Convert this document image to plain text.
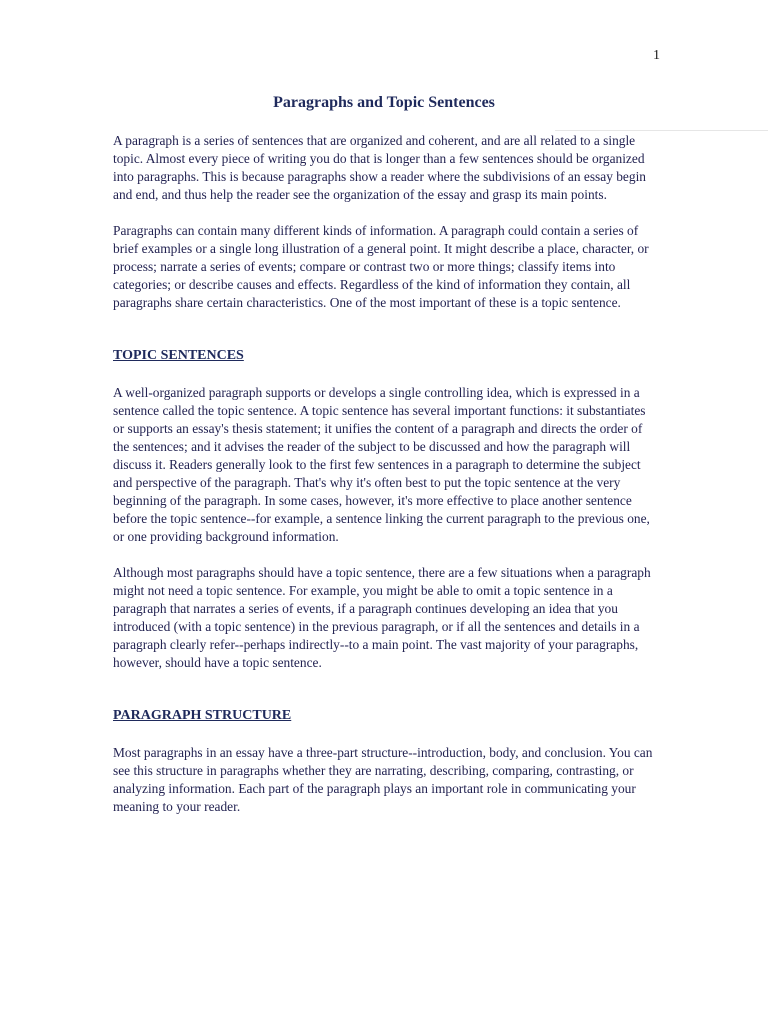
1
Paragraphs and Topic Sentences

A paragraph is a series of sentences that are organized and coherent, and are all related to a single topic. Almost every piece of writing you do that is longer than a few sentences should be organized into paragraphs. This is because paragraphs show a reader where the subdivisions of an essay begin and end, and thus help the reader see the organization of the essay and grasp its main points.

Paragraphs can contain many different kinds of information. A paragraph could contain a series of brief examples or a single long illustration of a general point. It might describe a place, character, or process; narrate a series of events; compare or contrast two or more things; classify items into categories; or describe causes and effects. Regardless of the kind of information they contain, all paragraphs share certain characteristics. One of the most important of these is a topic sentence.

TOPIC SENTENCES

A well-organized paragraph supports or develops a single controlling idea, which is expressed in a sentence called the topic sentence. A topic sentence has several important functions: it substantiates or supports an essay's thesis statement; it unifies the content of a paragraph and directs the order of the sentences; and it advises the reader of the subject to be discussed and how the paragraph will discuss it. Readers generally look to the first few sentences in a paragraph to determine the subject and perspective of the paragraph. That's why it's often best to put the topic sentence at the very beginning of the paragraph. In some cases, however, it's more effective to place another sentence before the topic sentence--for example, a sentence linking the current paragraph to the previous one, or one providing background information.

Although most paragraphs should have a topic sentence, there are a few situations when a paragraph might not need a topic sentence. For example, you might be able to omit a topic sentence in a paragraph that narrates a series of events, if a paragraph continues developing an idea that you introduced (with a topic sentence) in the previous paragraph, or if all the sentences and details in a paragraph clearly refer--perhaps indirectly--to a main point. The vast majority of your paragraphs, however, should have a topic sentence.

PARAGRAPH STRUCTURE

Most paragraphs in an essay have a three-part structure--introduction, body, and conclusion. You can see this structure in paragraphs whether they are narrating, describing, comparing, contrasting, or analyzing information. Each part of the paragraph plays an important role in communicating your meaning to your reader.
